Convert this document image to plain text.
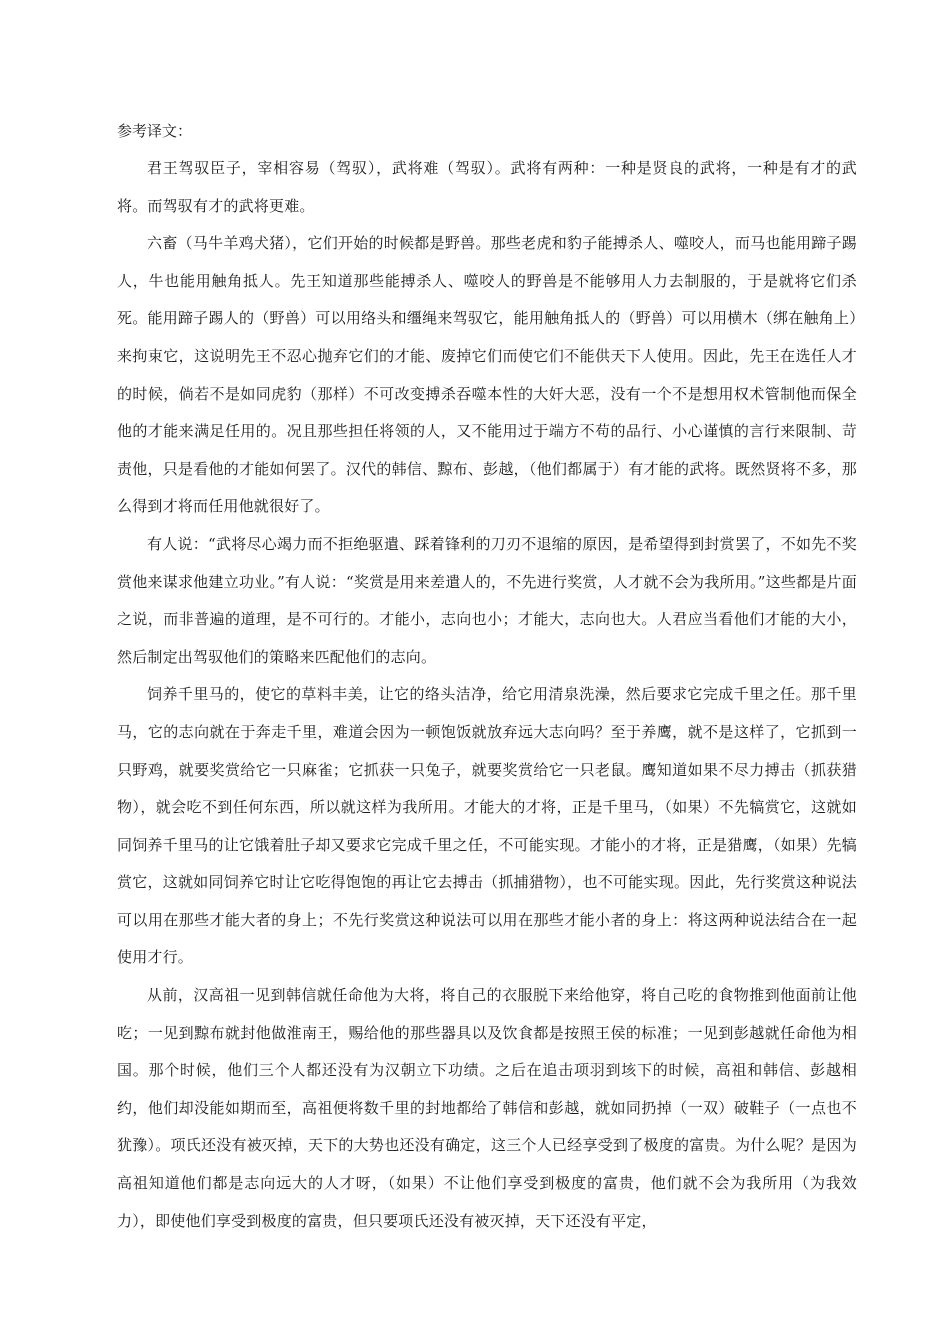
参考译文：

君王驾驭臣子，宰相容易（驾驭），武将难（驾驭）。武将有两种：一种是贤良的武将，一种是有才的武将。而驾驭有才的武将更难。

六畜（马牛羊鸡犬猪），它们开始的时候都是野兽。那些老虎和豹子能搏杀人、噬咬人，而马也能用蹄子踢人，牛也能用触角抵人。先王知道那些能搏杀人、噬咬人的野兽是不能够用人力去制服的，于是就将它们杀死。能用蹄子踢人的（野兽）可以用络头和缰绳来驾驭它，能用触角抵人的（野兽）可以用横木（绑在触角上）来拘束它，这说明先王不忍心抛弃它们的才能、废掉它们而使它们不能供天下人使用。因此，先王在选任人才的时候，倘若不是如同虎豹（那样）不可改变搏杀吞噬本性的大奸大恶，没有一个不是想用权术管制他而保全他的才能来满足任用的。况且那些担任将领的人，又不能用过于端方不苟的品行、小心谨慎的言行来限制、苛责他，只是看他的才能如何罢了。汉代的韩信、黥布、彭越，（他们都属于）有才能的武将。既然贤将不多，那么得到才将而任用他就很好了。

有人说：“武将尽心竭力而不拒绝驱遣、踩着锋利的刀刃不退缩的原因，是希望得到封赏罢了，不如先不奖赏他来谋求他建立功业。”有人说：“奖赏是用来差遣人的，不先进行奖赏，人才就不会为我所用。”这些都是片面之说，而非普遍的道理，是不可行的。才能小，志向也小；才能大，志向也大。人君应当看他们才能的大小，然后制定出驾驭他们的策略来匹配他们的志向。

饲养千里马的，使它的草料丰美，让它的络头洁净，给它用清泉洗澡，然后要求它完成千里之任。那千里马，它的志向就在于奔走千里，难道会因为一顿饱饭就放弃远大志向吗？至于养鹰，就不是这样了，它抓到一只野鸡，就要奖赏给它一只麻雀；它抓获一只兔子，就要奖赏给它一只老鼠。鹰知道如果不尽力搏击（抓获猎物），就会吃不到任何东西，所以就这样为我所用。才能大的才将，正是千里马，（如果）不先犒赏它，这就如同饲养千里马的让它饿着肚子却又要求它完成千里之任，不可能实现。才能小的才将，正是猎鹰，（如果）先犒赏它，这就如同饲养它时让它吃得饱饱的再让它去搏击（抓捕猎物），也不可能实现。因此，先行奖赏这种说法可以用在那些才能大者的身上；不先行奖赏这种说法可以用在那些才能小者的身上：将这两种说法结合在一起使用才行。

从前，汉高祖一见到韩信就任命他为大将，将自己的衣服脱下来给他穿，将自己吃的食物推到他面前让他吃；一见到黥布就封他做淮南王，赐给他的那些器具以及饮食都是按照王侯的标准；一见到彭越就任命他为相国。那个时候，他们三个人都还没有为汉朝立下功绩。之后在追击项羽到垓下的时候，高祖和韩信、彭越相约，他们却没能如期而至，高祖便将数千里的封地都给了韩信和彭越，就如同扔掉（一双）破鞋子（一点也不犹豫）。项氏还没有被灭掉，天下的大势也还没有确定，这三个人已经享受到了极度的富贵。为什么呢？是因为高祖知道他们都是志向远大的人才呀，（如果）不让他们享受到极度的富贵，他们就不会为我所用（为我效力），即使他们享受到极度的富贵，但只要项氏还没有被灭掉，天下还没有平定，
